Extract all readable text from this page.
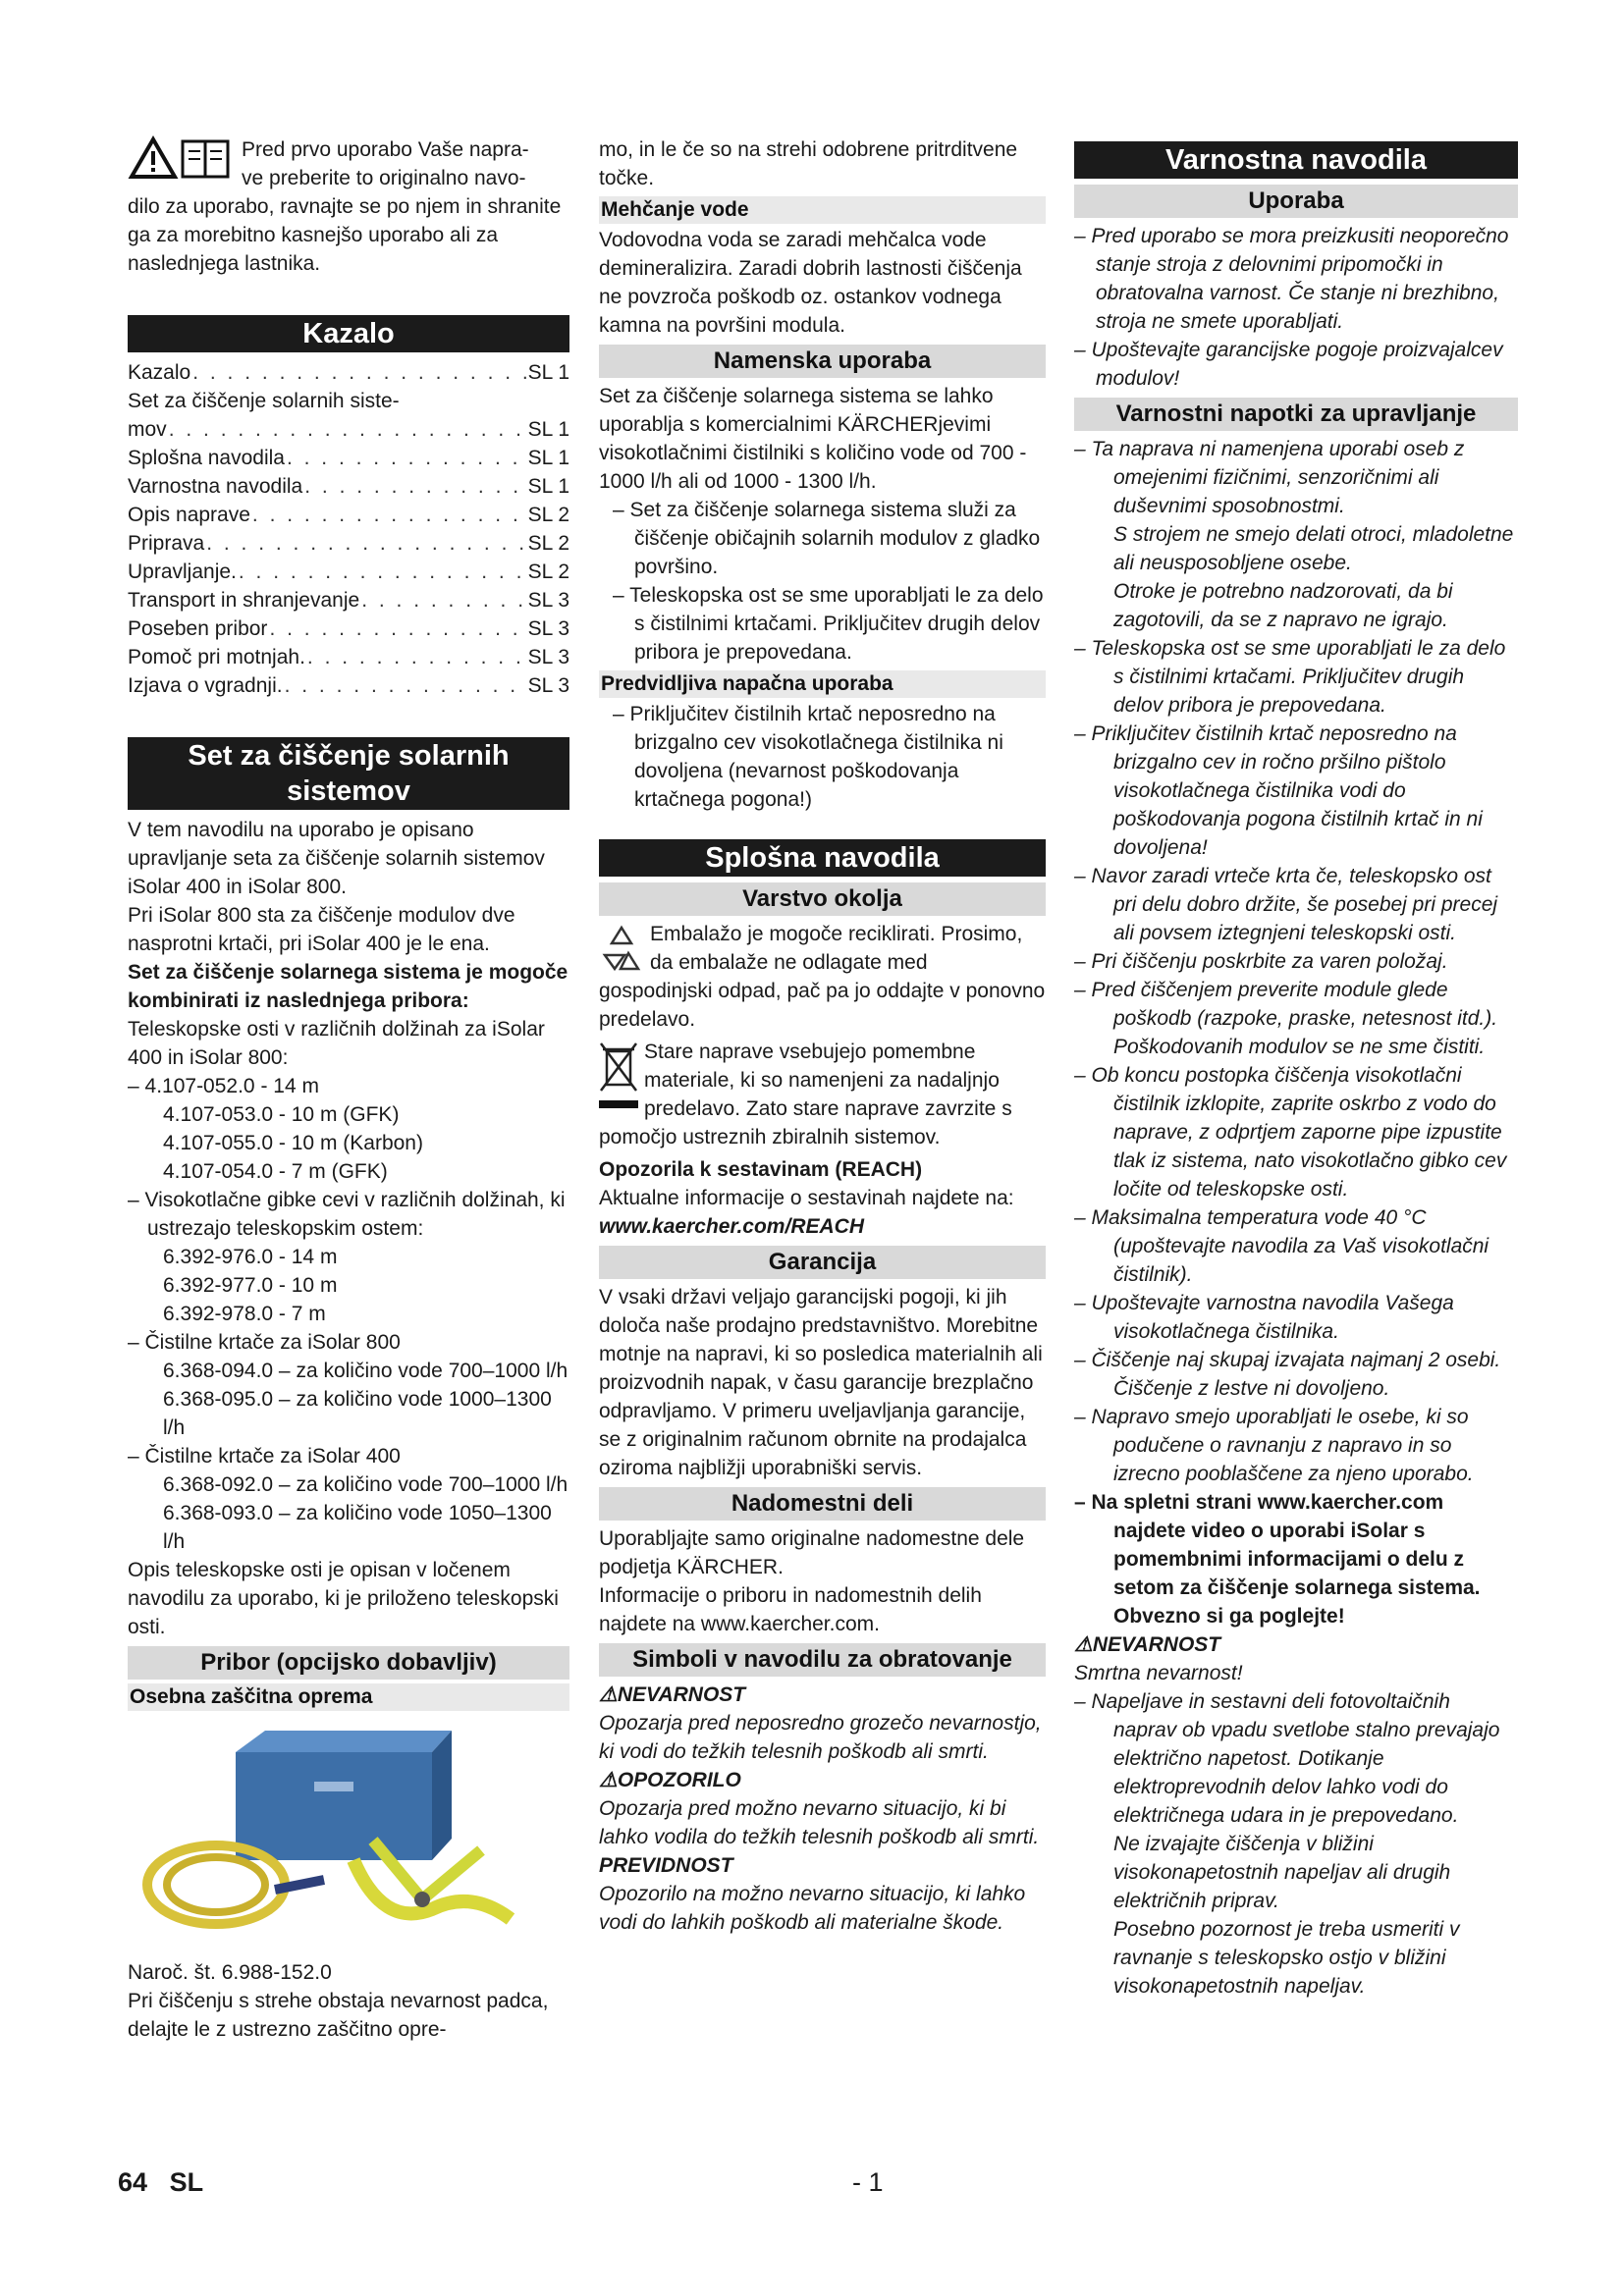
Pred prvo uporabo Vaše napra-

ve preberite to originalno navo-

dilo za uporabo, ravnajte se po njem in shranite ga za morebitno kasnejšo uporabo ali za naslednjega lastnika.

Kazalo
Kazalo . . .	SL 1
Set za čiščenje solarnih siste-
mov . . .	SL 1
Splošna navodila . . .	SL 1
Varnostna navodila . . .	SL 1
Opis naprave . . .	SL 2
Priprava . . .	SL 2
Upravljanje. . . .	SL 2
Transport in shranjevanje . . .	SL 3
Poseben pribor . . .	SL 3
Pomoč pri motnjah. . . .	SL 3
Izjava o vgradnji. . . .	SL 3
Set za čiščenje solarnih sistemov

V tem navodilu na uporabo je opisano upravljanje seta za čiščenje solarnih sistemov iSolar 400 in iSolar 800.

Pri iSolar 800 sta za čiščenje modulov dve nasprotni krtači, pri iSolar 400 je le ena.

Set za čiščenje solarnega sistema je mogoče kombinirati iz naslednjega pribora:

Teleskopske osti v različnih dolžinah za iSolar 400 in iSolar 800:

– 4.107-052.0 - 14 m

4.107-053.0 - 10 m (GFK)

4.107-055.0 - 10 m (Karbon)

4.107-054.0 - 7 m (GFK)

– Visokotlačne gibke cevi v različnih dolžinah, ki ustrezajo teleskopskim ostem:

6.392-976.0 - 14 m

6.392-977.0 - 10 m

6.392-978.0 - 7 m

– Čistilne krtače za iSolar 800

6.368-094.0 – za količino vode 700–1000 l/h

6.368-095.0 – za količino vode 1000–1300 l/h

– Čistilne krtače za iSolar 400

6.368-092.0 – za količino vode 700–1000 l/h

6.368-093.0 – za količino vode 1050–1300 l/h

Opis teleskopske osti je opisan v ločenem navodilu za uporabo, ki je priloženo teleskopski osti.

Pribor (opcijsko dobavljiv)
Osebna zaščitna oprema

Naroč. št. 6.988-152.0

Pri čiščenju s strehe obstaja nevarnost padca, delajte le z ustrezno zaščitno opre-

mo, in le če so na strehi odobrene pritrditvene točke.

Mehčanje vode

Vodovodna voda se zaradi mehčalca vode demineralizira. Zaradi dobrih lastnosti čiščenja ne povzroča poškodb oz. ostankov vodnega kamna na površini modula.

Namenska uporaba

Set za čiščenje solarnega sistema se lahko uporablja s komercialnimi KÄRCHERjevimi visokotlačnimi čistilniki s količino vode od 700 - 1000 l/h ali od 1000 - 1300 l/h.

– Set za čiščenje solarnega sistema služi za čiščenje običajnih solarnih modulov z gladko površino.

– Teleskopska ost se sme uporabljati le za delo s čistilnimi krtačami. Priključitev drugih delov pribora je prepovedana.

Predvidljiva napačna uporaba

– Priključitev čistilnih krtač neposredno na brizgalno cev visokotlačnega čistilnika ni dovoljena (nevarnost poškodovanja krtačnega pogona!)

Splošna navodila
Varstvo okolja

Embalažo je mogoče reciklirati. Prosimo, da embalaže ne odlagate med gospodinjski odpad, pač pa jo oddajte v ponovno predelavo.

Stare naprave vsebujejo pomembne materiale, ki so namenjeni za nadaljnjo predelavo. Zato stare naprave zavrzite s pomočjo ustreznih zbiralnih sistemov.

Opozorila k sestavinam (REACH)

Aktualne informacije o sestavinah najdete na:

www.kaercher.com/REACH

Garancija

V vsaki državi veljajo garancijski pogoji, ki jih določa naše prodajno predstavništvo. Morebitne motnje na napravi, ki so posledica materialnih ali proizvodnih napak, v času garancije brezplačno odpravljamo. V primeru uveljavljanja garancije, se z originalnim računom obrnite na prodajalca oziroma najbližji uporabniški servis.

Nadomestni deli

Uporabljajte samo originalne nadomestne dele podjetja KÄRCHER.

Informacije o priboru in nadomestnih delih najdete na www.kaercher.com.

Simboli v navodilu za obratovanje

⚠NEVARNOST

Opozarja pred neposredno grozečo nevarnostjo, ki vodi do težkih telesnih poškodb ali smrti.

⚠OPOZORILO

Opozarja pred možno nevarno situacijo, ki bi lahko vodila do težkih telesnih poškodb ali smrti.

PREVIDNOST

Opozorilo na možno nevarno situacijo, ki lahko vodi do lahkih poškodb ali materialne škode.

Varnostna navodila
Uporaba

– Pred uporabo se mora preizkusiti neoporečno stanje stroja z delovnimi pripomočki in obratovalna varnost. Če stanje ni brezhibno, stroja ne smete uporabljati.

– Upoštevajte garancijske pogoje proizvajalcev modulov!

Varnostni napotki za upravljanje

– Ta naprava ni namenjena uporabi oseb z omejenimi fizičnimi, senzoričnimi ali duševnimi sposobnostmi.

S strojem ne smejo delati otroci, mladoletne ali neusposobljene osebe.

Otroke je potrebno nadzorovati, da bi zagotovili, da se z napravo ne igrajo.

– Teleskopska ost se sme uporabljati le za delo s čistilnimi krtačami. Priključitev drugih delov pribora je prepovedana.

– Priključitev čistilnih krtač neposredno na brizgalno cev in ročno pršilno pištolo visokotlačnega čistilnika vodi do poškodovanja pogona čistilnih krtač in ni dovoljena!

– Navor zaradi vrteče krta če, teleskopsko ost pri delu dobro držite, še posebej pri precej ali povsem iztegnjeni teleskopski osti.

– Pri čiščenju poskrbite za varen položaj.

– Pred čiščenjem preverite module glede poškodb (razpoke, praske, netesnost itd.). Poškodovanih modulov se ne sme čistiti.

– Ob koncu postopka čiščenja visokotlačni čistilnik izklopite, zaprite oskrbo z vodo do naprave, z odprtjem zaporne pipe izpustite tlak iz sistema, nato visokotlačno gibko cev ločite od teleskopske osti.

– Maksimalna temperatura vode 40 °C (upoštevajte navodila za Vaš visokotlačni čistilnik).

– Upoštevajte varnostna navodila Vašega visokotlačnega čistilnika.

– Čiščenje naj skupaj izvajata najmanj 2 osebi.

Čiščenje z lestve ni dovoljeno.

– Napravo smejo uporabljati le osebe, ki so podučene o ravnanju z napravo in so izrecno pooblaščene za njeno uporabo.

– Na spletni strani www.kaercher.com najdete video o uporabi iSolar s pomembnimi informacijami o delu z setom za čiščenje solarnega sistema. Obvezno si ga poglejte!

⚠NEVARNOST

Smrtna nevarnost!

– Napeljave in sestavni deli fotovoltaičnih naprav ob vpadu svetlobe stalno prevajajo električno napetost. Dotikanje elektroprevodnih delov lahko vodi do električnega udara in je prepovedano.

Ne izvajajte čiščenja v bližini visokonapetostnih napeljav ali drugih električnih priprav.

Posebno pozornost je treba usmeriti v ravnanje s teleskopsko ostjo v bližini visokonapetostnih napeljav.

64 SL	- 1
